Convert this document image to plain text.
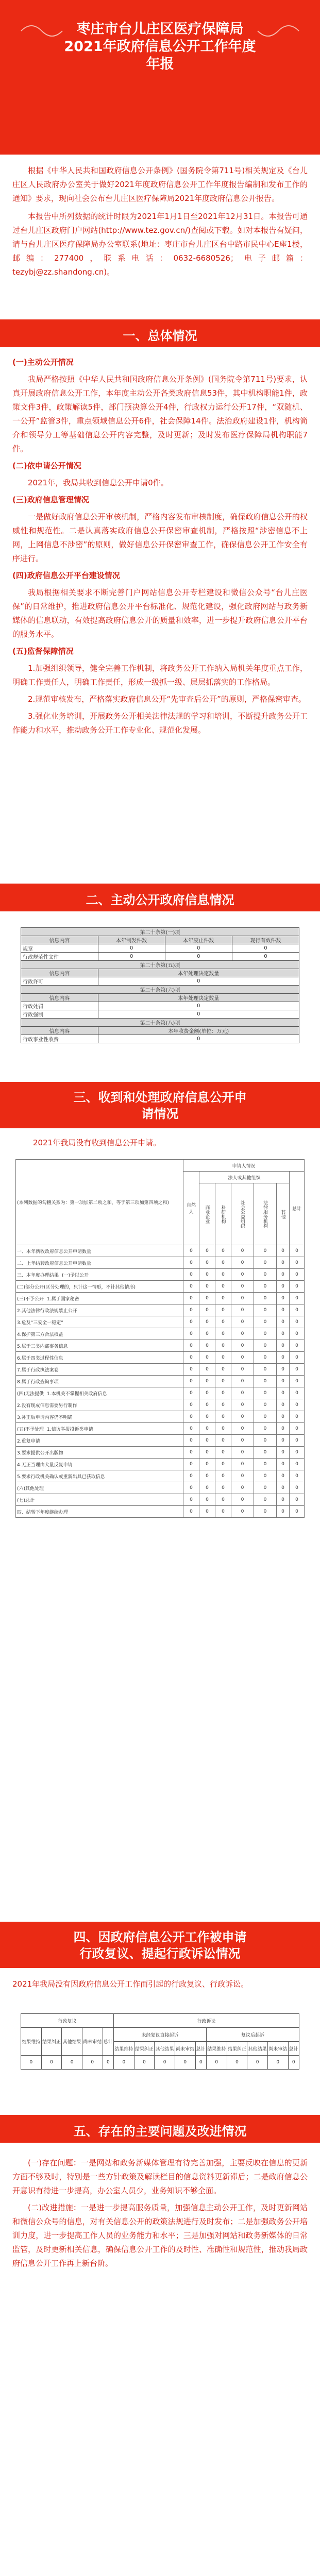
枣庄市台儿庄区医疗保障局
2021年政府信息公开工作年度
年报

根据《中华人民共和国政府信息公开条例》(国务院令第711号)相关规定及《台儿庄区人民政府办公室关于做好2021年度政府信息公开工作年度报告编制和发布工作的通知》要求，现向社会公布台儿庄区医疗保障局2021年度政府信息公开报告。

本报告中所列数据的统计时限为2021年1月1日至2021年12月31日。本报告可通过台儿庄区政府门户网站(http://www.tez.gov.cn/)查阅或下载。如对本报告有疑问，请与台儿庄区医疗保障局办公室联系(地址：枣庄市台儿庄区台中路市民中心E座1楼，邮编：277400，联系电话：0632-6680526；电子邮箱：tezybj@zz.shandong.cn)。

一、总体情况

(一)主动公开情况

我局严格按照《中华人民共和国政府信息公开条例》(国务院令第711号)要求，认真开展政府信息公开工作，本年度主动公开各类政府信息53件，其中机构职能1件，政策文件3件，政策解读5件，部门预决算公开4件，行政权力运行公开17件，“双随机、一公开”监管3件，重点领域信息公开6件，社会保障14件。法治政府建设1件，机构简介和领导分工等基础信息公开内容完整，及时更新；及时发布医疗保障局机构职能7件。

(二)依申请公开情况

2021年，我局共收到信息公开申请0件。

(三)政府信息管理情况

一是做好政府信息公开审核机制，严格内容发布审核制度，确保政府信息公开的权威性和规范性。二是认真落实政府信息公开保密审查机制，严格按照“涉密信息不上网，上网信息不涉密”的原则，做好信息公开保密审查工作，确保信息公开工作安全有序进行。

(四)政府信息公开平台建设情况

我局根据相关要求不断完善门户网站信息公开专栏建设和微信公众号“台儿庄医保”的日常维护，推进政府信息公开平台标准化、规范化建设，强化政府网站与政务新媒体的信息联动，有效提高政府信息公开的质量和效率，进一步提升政府信息公开平台的服务水平。

(五)监督保障情况

1.加强组织领导，健全完善工作机制，将政务公开工作纳入局机关年度重点工作，明确工作责任人，明确工作责任，形成一级抓一级、层层抓落实的工作格局。

2.规范审核发布，严格落实政府信息公开“先审查后公开”的原则，严格保密审查。

3.强化业务培训，开展政务公开相关法律法规的学习和培训，不断提升政务公开工作能力和水平，推动政务公开工作专业化、规范化发展。

二、主动公开政府信息情况
第二十条第(一)项			
信息内容	本年制发件数	本年废止件数	现行有效件数
规章	0	0	0
行政规范性文件	0	0	0
第二十条第(五)项			
信息内容	本年处理决定数量		
行政许可	0		
第二十条第(六)项			
信息内容	本年处理决定数量		
行政处罚	0		
行政强制	0		
第二十条第(八)项			
信息内容	本年收费金额(单位：万元)		
行政事业性收费	0		
三、收到和处理政府信息公开申
请情况
2021年我局没有收到信息公开申请。
(本列数据的勾稽关系为：第一项加第二项之和，等于第三项加第四项之和)	申请人情况						
	自然人	法人或其他组织					总计
		商业企业	科研机构	社会公益组织	法律服务机构	其他	
一、本年新收政府信息公开申请数量	0	0	0	0	0	0	0
二、上年结转政府信息公开申请数量	0	0	0	0	0	0	0
三、本年度办理结果 (一)予以公开	0	0	0	0	0	0	0
(二)部分公开(区分处理的，只计这一情形，不计其他情形)	0	0	0	0	0	0	0
(三)不予公开 1.属于国家秘密	0	0	0	0	0	0	0
2.其他法律行政法规禁止公开	0	0	0	0	0	0	0
3.危及“三安全一稳定”	0	0	0	0	0	0	0
4.保护第三方合法权益	0	0	0	0	0	0	0
5.属于三类内部事务信息	0	0	0	0	0	0	0
6.属于四类过程性信息	0	0	0	0	0	0	0
7.属于行政执法案卷	0	0	0	0	0	0	0
8.属于行政查询事项	0	0	0	0	0	0	0
(四)无法提供 1.本机关不掌握相关政府信息	0	0	0	0	0	0	0
2.没有现成信息需要另行制作	0	0	0	0	0	0	0
3.补正后申请内容仍不明确	0	0	0	0	0	0	0
(五)不予处理 1.信访举报投诉类申请	0	0	0	0	0	0	0
2.重复申请	0	0	0	0	0	0	0
3.要求提供公开出版物	0	0	0	0	0	0	0
4.无正当理由大量反复申请	0	0	0	0	0	0	0
5.要求行政机关确认或重新出具已获取信息	0	0	0	0	0	0	0
(六)其他处理	0	0	0	0	0	0	0
(七)总计	0	0	0	0	0	0	0
四、结转下年度继续办理	0	0	0	0	0	0	0
四、因政府信息公开工作被申请
行政复议、提起行政诉讼情况
2021年我局没有因政府信息公开工作而引起的行政复议、行政诉讼。
行政复议					行政诉讼									
结果维持	结果纠正	其他结果	尚未审结	总计	未经复议直接起诉					复议后起诉				
					结果维持	结果纠正	其他结果	尚未审结	总计	结果维持	结果纠正	其他结果	尚未审结	总计
0	0	0	0	0	0	0	0	0	0	0	0	0	0	0
五、存在的主要问题及改进情况

(一)存在问题：一是网站和政务新媒体管理有待完善加强，主要反映在信息的更新方面不够及时，特别是一些方针政策及解读栏目的信息资料更新滞后；二是政府信息公开意识有待进一步提高，办公室人员少，业务知识不够全面。

(二)改进措施：一是进一步提高服务质量，加强信息主动公开工作，及时更新网站和微信公众号的信息，对有关信息公开的政策法规进行及时发布；二是加强政务公开培训力度，进一步提高工作人员的业务能力和水平；三是加强对网站和政务新媒体的日常监管，及时更新相关信息，确保信息公开工作的及时性、准确性和规范性，推动我局政府信息公开工作再上新台阶。
